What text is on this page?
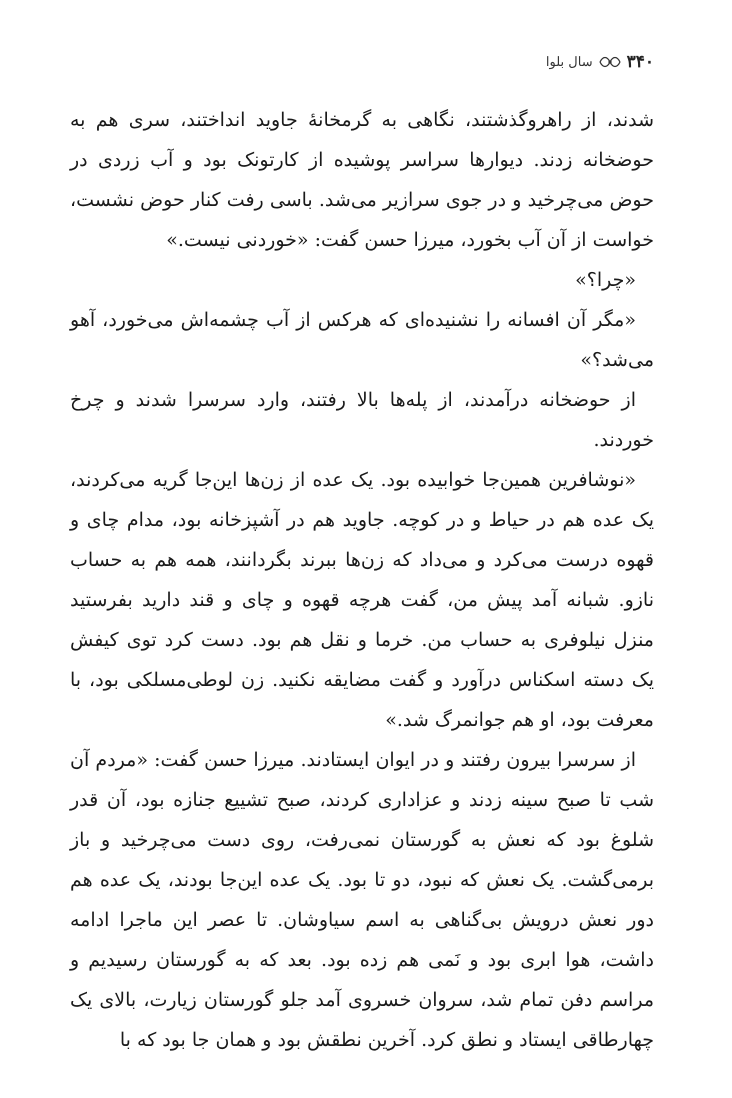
۳۴۰
سال بلوا

شدند، از راهروگذشتند، نگاهی به گرمخانهٔ جاوید انداختند، سری هم به حوضخانه زدند. دیوارها سراسر پوشیده از کارتونک بود و آب زردی در حوض می‌چرخید و در جوی سرازیر می‌شد. باسی رفت کنار حوض نشست، خواست از آن آب بخورد، میرزا حسن گفت: «خوردنی نیست.»

«چرا؟»

«مگر آن افسانه را نشنیده‌ای که هرکس از آب چشمه‌اش می‌خورد، آهو می‌شد؟»

از حوضخانه درآمدند، از پله‌ها بالا رفتند، وارد سرسرا شدند و چرخ خوردند.

«نوشافرین همین‌جا خوابیده بود. یک عده از زن‌ها این‌جا گریه می‌کردند، یک عده هم در حیاط و در کوچه. جاوید هم در آشپزخانه بود، مدام چای و قهوه درست می‌کرد و می‌داد که زن‌ها ببرند بگردانند، همه هم به حساب نازو. شبانه آمد پیش من، گفت هرچه قهوه و چای و قند دارید بفرستید منزل نیلوفری به حساب من. خرما و نقل هم بود. دست کرد توی کیفش یک دسته اسکناس درآورد و گفت مضایقه نکنید. زن لوطی‌مسلکی بود، با معرفت بود، او هم جوانمرگ شد.»

از سرسرا بیرون رفتند و در ایوان ایستادند. میرزا حسن گفت: «مردم آن شب تا صبح سینه زدند و عزاداری کردند، صبح تشییع جنازه بود، آن قدر شلوغ بود که نعش به گورستان نمی‌رفت، روی دست می‌چرخید و باز برمی‌گشت. یک نعش که نبود، دو تا بود. یک عده این‌جا بودند، یک عده هم دور نعش درویش بی‌گناهی به اسم سیاوشان. تا عصر این ماجرا ادامه داشت، هوا ابری بود و نَمی هم زده بود. بعد که به گورستان رسیدیم و مراسم دفن تمام شد، سروان خسروی آمد جلو گورستان زیارت، بالای یک چهارطاقی ایستاد و نطق کرد. آخرین نطقش بود و همان جا بود که با
